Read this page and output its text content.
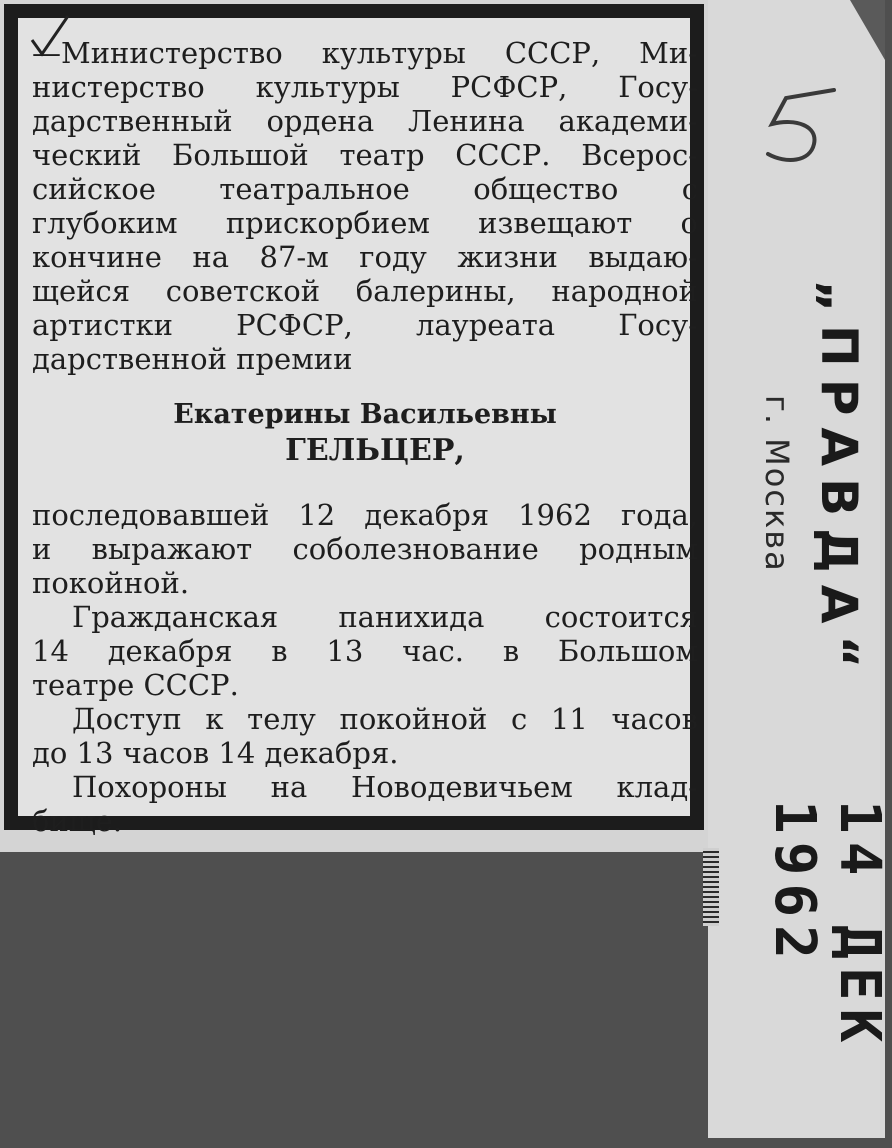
—Министерство культуры СССР, Ми-
нистерство культуры РСФСР, Госу-
дарственный ордена Ленина академи-
ческий Большой театр СССР. Всерос-
сийское театральное общество с
глубоким прискорбием извещают о
кончине на 87-м году жизни выдаю-
щейся советской балерины, народной
артистки РСФСР, лауреата Госу-
дарственной премии
Екатерины Васильевны
ГЕЛЬЦЕР,
последовавшей 12 декабря 1962 года,
и выражают соболезнование родным
покойной.
Гражданская панихида состоится
14 декабря в 13 час. в Большом
театре СССР.
Доступ к телу покойной с 11 часов
до 13 часов 14 декабря.
Похороны на Новодевичьем клад-
бище.
„ПРАВДА“
г. Москва
14 ДЕК 1962
